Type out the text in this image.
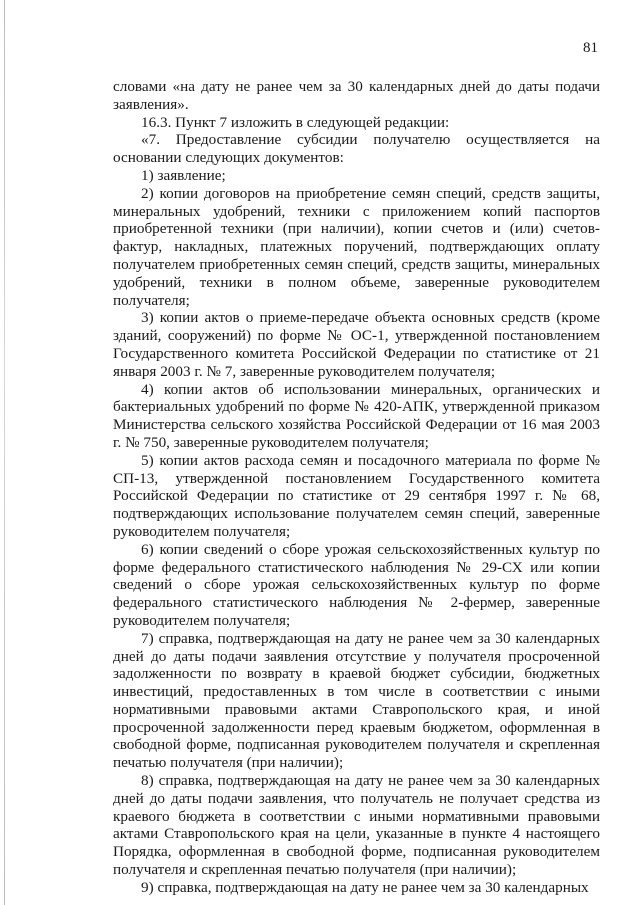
81

словами «на дату не ранее чем за 30 календарных дней до даты подачи заявления».

16.3. Пункт 7 изложить в следующей редакции:

«7. Предоставление субсидии получателю осуществляется на основании следующих документов:

1) заявление;

2) копии договоров на приобретение семян специй, средств защиты, минеральных удобрений, техники с приложением копий паспортов приобретенной техники (при наличии), копии счетов и (или) счетов-фактур, накладных, платежных поручений, подтверждающих оплату получателем приобретенных семян специй, средств защиты, минеральных удобрений, техники в полном объеме, заверенные руководителем получателя;

3) копии актов о приеме-передаче объекта основных средств (кроме зданий, сооружений) по форме № ОС-1, утвержденной постановлением Государственного комитета Российской Федерации по статистике от 21 января 2003 г. № 7, заверенные руководителем получателя;

4) копии актов об использовании минеральных, органических и бактериальных удобрений по форме № 420-АПК, утвержденной приказом Министерства сельского хозяйства Российской Федерации от 16 мая 2003 г. № 750, заверенные руководителем получателя;

5) копии актов расхода семян и посадочного материала по форме № СП-13, утвержденной постановлением Государственного комитета Российской Федерации по статистике от 29 сентября 1997 г. № 68, подтверждающих использование получателем семян специй, заверенные руководителем получателя;

6) копии сведений о сборе урожая сельскохозяйственных культур по форме федерального статистического наблюдения № 29-СХ или копии сведений о сборе урожая сельскохозяйственных культур по форме федерального статистического наблюдения № 2-фермер, заверенные руководителем получателя;

7) справка, подтверждающая на дату не ранее чем за 30 календарных дней до даты подачи заявления отсутствие у получателя просроченной задолженности по возврату в краевой бюджет субсидии, бюджетных инвестиций, предоставленных в том числе в соответствии с иными нормативными правовыми актами Ставропольского края, и иной просроченной задолженности перед краевым бюджетом, оформленная в свободной форме, подписанная руководителем получателя и скрепленная печатью получателя (при наличии);

8) справка, подтверждающая на дату не ранее чем за 30 календарных дней до даты подачи заявления, что получатель не получает средства из краевого бюджета в соответствии с иными нормативными правовыми актами Ставропольского края на цели, указанные в пункте 4 настоящего Порядка, оформленная в свободной форме, подписанная руководителем получателя и скрепленная печатью получателя (при наличии);

9) справка, подтверждающая на дату не ранее чем за 30 календарных
